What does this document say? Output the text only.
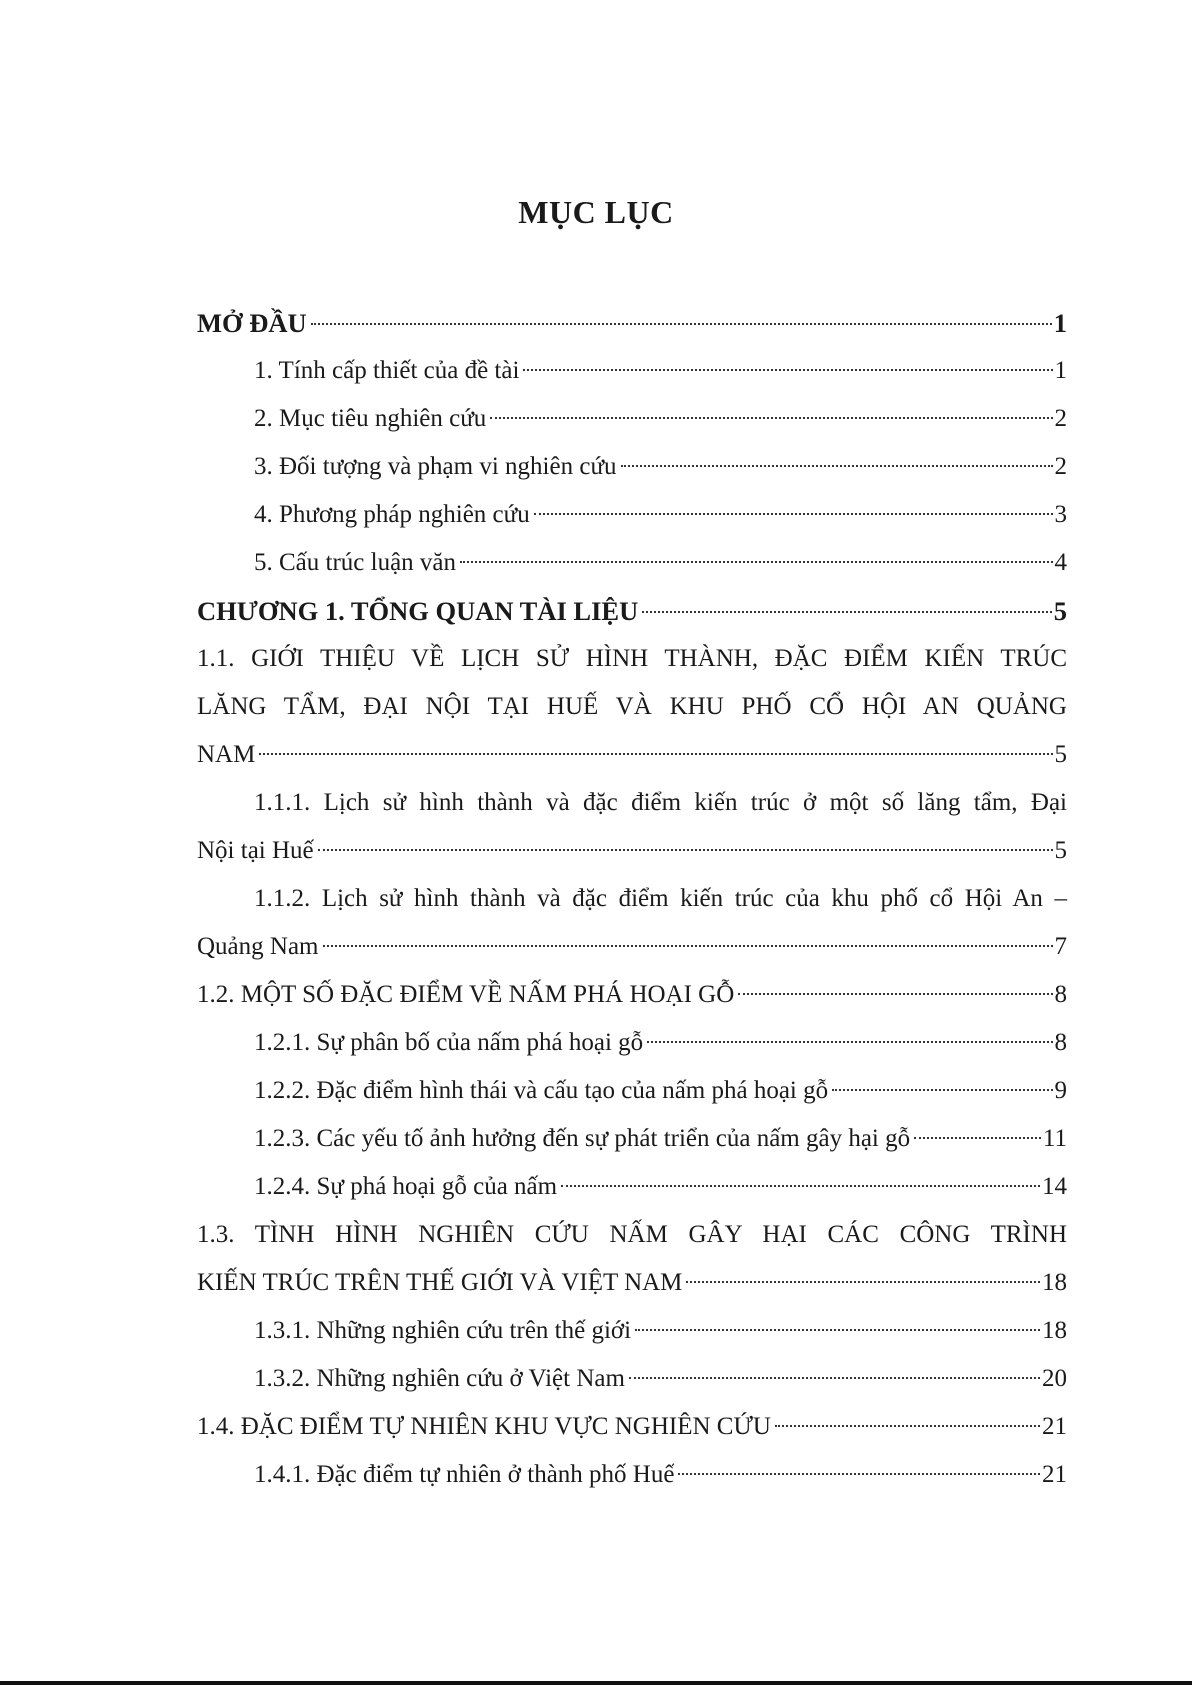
MỤC LỤC
MỞ ĐẦU	1
1. Tính cấp thiết của đề tài	1
2. Mục tiêu nghiên cứu	2
3. Đối tượng và phạm vi nghiên cứu	2
4. Phương pháp nghiên cứu	3
5. Cấu trúc luận văn	4
CHƯƠNG 1. TỔNG QUAN TÀI LIỆU	5
1.1. GIỚI THIỆU VỀ LỊCH SỬ HÌNH THÀNH, ĐẶC ĐIỂM KIẾN TRÚC
LĂNG TẨM, ĐẠI NỘI TẠI HUẾ VÀ KHU PHỐ CỔ HỘI AN QUẢNG
NAM	5
1.1.1. Lịch sử hình thành và đặc điểm kiến trúc ở một số lăng tẩm, Đại
Nội tại Huế	5
1.1.2. Lịch sử hình thành và đặc điểm kiến trúc của khu phố cổ Hội An –
Quảng Nam	7
1.2. MỘT SỐ ĐẶC ĐIỂM VỀ NẤM PHÁ HOẠI GỖ	8
1.2.1. Sự phân bố của nấm phá hoại gỗ	8
1.2.2. Đặc điểm hình thái và cấu tạo của nấm phá hoại gỗ	9
1.2.3. Các yếu tố ảnh hưởng đến sự phát triển của nấm gây hại gỗ	11
1.2.4. Sự phá hoại gỗ của nấm	14
1.3. TÌNH HÌNH NGHIÊN CỨU NẤM GÂY HẠI CÁC CÔNG TRÌNH
KIẾN TRÚC TRÊN THẾ GIỚI VÀ VIỆT NAM	18
1.3.1. Những nghiên cứu trên thế giới	18
1.3.2. Những nghiên cứu ở Việt Nam	20
1.4. ĐẶC ĐIỂM TỰ NHIÊN KHU VỰC NGHIÊN CỨU	21
1.4.1. Đặc điểm tự nhiên ở thành phố Huế	21
